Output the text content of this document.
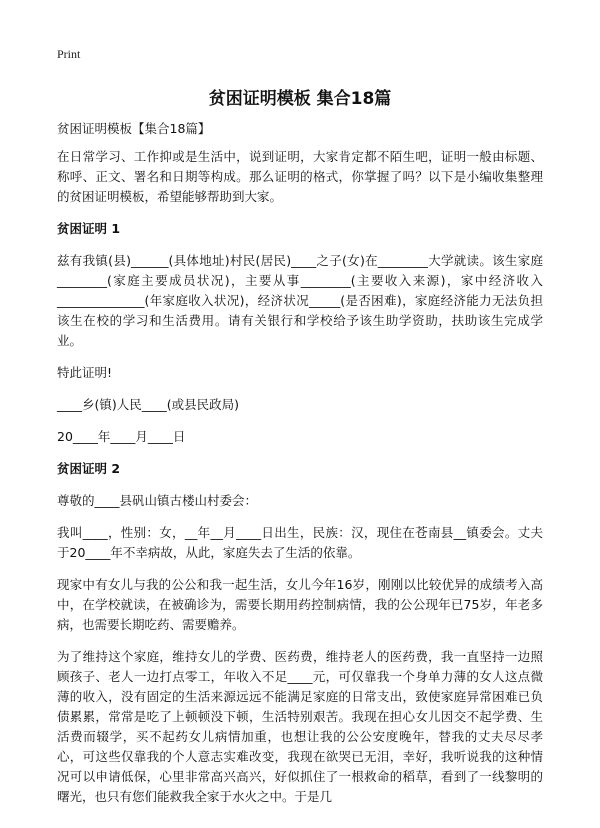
Print
贫困证明模板 集合18篇

贫困证明模板【集合18篇】

在日常学习、工作抑或是生活中，说到证明，大家肯定都不陌生吧，证明一般由标题、称呼、正文、署名和日期等构成。那么证明的格式，你掌握了吗？以下是小编收集整理的贫困证明模板，希望能够帮助到大家。

贫困证明 1

兹有我镇(县)______(具体地址)村民(居民)____之子(女)在________大学就读。该生家庭________(家庭主要成员状况)，主要从事________(主要收入来源)，家中经济收入______________(年家庭收入状况)，经济状况_____(是否困难)，家庭经济能力无法负担该生在校的学习和生活费用。请有关银行和学校给予该生助学资助，扶助该生完成学业。

特此证明!

____乡(镇)人民____(或县民政局)

20____年____月____日

贫困证明 2

尊敬的____县矾山镇古楼山村委会：

我叫____，性别：女，__年__月____日出生，民族：汉，现住在苍南县__镇委会。丈夫于20____年不幸病故，从此，家庭失去了生活的依靠。

现家中有女儿与我的公公和我一起生活，女儿今年16岁，刚刚以比较优异的成绩考入高中，在学校就读，在被确诊为，需要长期用药控制病情，我的公公现年已75岁，年老多病，也需要长期吃药、需要赡养。

为了维持这个家庭，维持女儿的学费、医药费，维持老人的医药费，我一直坚持一边照顾孩子、老人一边打点零工，年收入不足____元，可仅靠我一个身单力薄的女人这点微薄的收入，没有固定的生活来源远远不能满足家庭的日常支出，致使家庭异常困难已负债累累，常常是吃了上顿顿没下顿，生活特别艰苦。我现在担心女儿因交不起学费、生活费而辍学，买不起药女儿病情加重，也想让我的公公安度晚年，替我的丈夫尽尽孝心，可这些仅靠我的个人意志实难改变，我现在欲哭已无泪，幸好，我听说我的这种情况可以申请低保，心里非常高兴高兴，好似抓住了一根救命的稻草，看到了一线黎明的曙光，也只有您们能救我全家于水火之中。于是几
